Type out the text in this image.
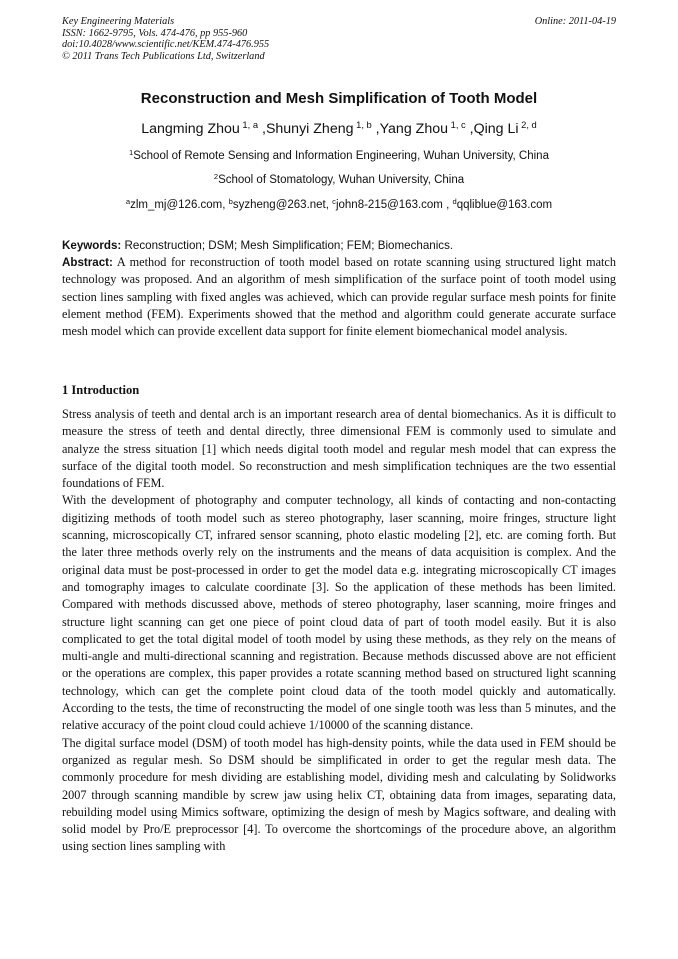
Key Engineering Materials
ISSN: 1662-9795, Vols. 474-476, pp 955-960
doi:10.4028/www.scientific.net/KEM.474-476.955
© 2011 Trans Tech Publications Ltd, Switzerland
Online: 2011-04-19
Reconstruction and Mesh Simplification of Tooth Model
Langming Zhou $^{1, a}$ ,Shunyi Zheng $^{1, b}$ ,Yang Zhou $^{1, c}$ ,Qing Li $^{2, d}$
$^1$School of Remote Sensing and Information Engineering, Wuhan University, China
$^2$School of Stomatology, Wuhan University, China
$^a$zlm_mj@126.com, $^b$syzheng@263.net, $^c$john8-215@163.com , $^d$qqliblue@163.com
Keywords: Reconstruction; DSM; Mesh Simplification; FEM; Biomechanics.
Abstract: A method for reconstruction of tooth model based on rotate scanning using structured light match technology was proposed. And an algorithm of mesh simplification of the surface point of tooth model using section lines sampling with fixed angles was achieved, which can provide regular surface mesh points for finite element method (FEM). Experiments showed that the method and algorithm could generate accurate surface mesh model which can provide excellent data support for finite element biomechanical model analysis.
1 Introduction

Stress analysis of teeth and dental arch is an important research area of dental biomechanics. As it is difficult to measure the stress of teeth and dental directly, three dimensional FEM is commonly used to simulate and analyze the stress situation [1] which needs digital tooth model and regular mesh model that can express the surface of the digital tooth model. So reconstruction and mesh simplification techniques are the two essential foundations of FEM.

With the development of photography and computer technology, all kinds of contacting and non-contacting digitizing methods of tooth model such as stereo photography, laser scanning, moire fringes, structure light scanning, microscopically CT, infrared sensor scanning, photo elastic modeling [2], etc. are coming forth. But the later three methods overly rely on the instruments and the means of data acquisition is complex. And the original data must be post-processed in order to get the model data e.g. integrating microscopically CT images and tomography images to calculate coordinate [3]. So the application of these methods has been limited. Compared with methods discussed above, methods of stereo photography, laser scanning, moire fringes and structure light scanning can get one piece of point cloud data of part of tooth model easily. But it is also complicated to get the total digital model of tooth model by using these methods, as they rely on the means of multi-angle and multi-directional scanning and registration. Because methods discussed above are not efficient or the operations are complex, this paper provides a rotate scanning method based on structured light scanning technology, which can get the complete point cloud data of the tooth model quickly and automatically. According to the tests, the time of reconstructing the model of one single tooth was less than 5 minutes, and the relative accuracy of the point cloud could achieve 1/10000 of the scanning distance.

The digital surface model (DSM) of tooth model has high-density points, while the data used in FEM should be organized as regular mesh. So DSM should be simplificated in order to get the regular mesh data. The commonly procedure for mesh dividing are establishing model, dividing mesh and calculating by Solidworks 2007 through scanning mandible by screw jaw using helix CT, obtaining data from images, separating data, rebuilding model using Mimics software, optimizing the design of mesh by Magics software, and dealing with solid model by Pro/E preprocessor [4]. To overcome the shortcomings of the procedure above, an algorithm using section lines sampling with
